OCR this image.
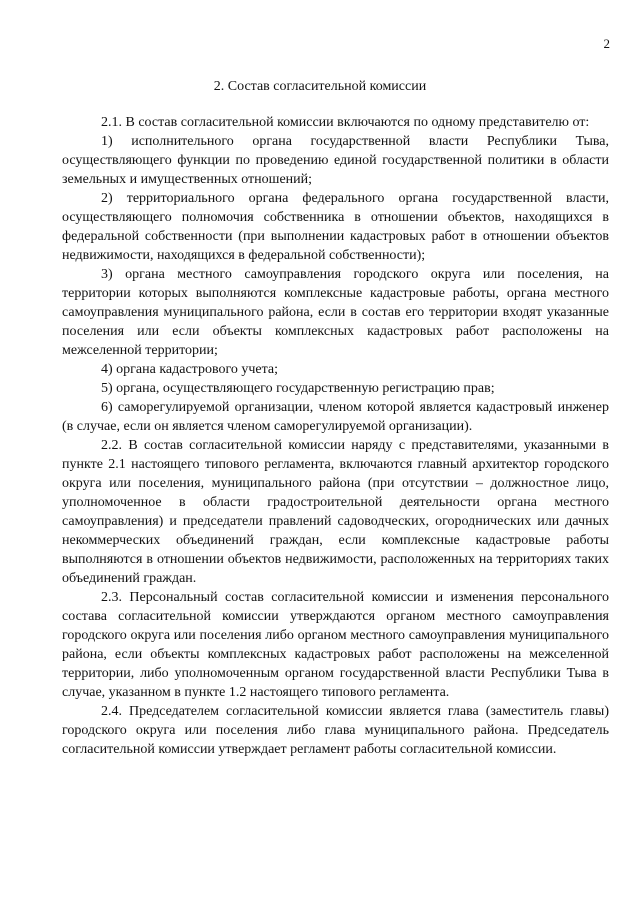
2
2. Состав согласительной комиссии

2.1. В состав согласительной комиссии включаются по одному представителю от:

1) исполнительного органа государственной власти Республики Тыва, осуществляющего функции по проведению единой государственной политики в области земельных и имущественных отношений;

2) территориального органа федерального органа государственной власти, осуществляющего полномочия собственника в отношении объектов, находящихся в федеральной собственности (при выполнении кадастровых работ в отношении объектов недвижимости, находящихся в федеральной собственности);

3) органа местного самоуправления городского округа или поселения, на территории которых выполняются комплексные кадастровые работы, органа местного самоуправления муниципального района, если в состав его территории входят указанные поселения или если объекты комплексных кадастровых работ расположены на межселенной территории;

4) органа кадастрового учета;

5) органа, осуществляющего государственную регистрацию прав;

6) саморегулируемой организации, членом которой является кадастровый инженер (в случае, если он является членом саморегулируемой организации).

2.2. В состав согласительной комиссии наряду с представителями, указанными в пункте 2.1 настоящего типового регламента, включаются главный архитектор городского округа или поселения, муниципального района (при отсутствии – должностное лицо, уполномоченное в области градостроительной деятельности органа местного самоуправления) и председатели правлений садоводческих, огороднических или дачных некоммерческих объединений граждан, если комплексные кадастровые работы выполняются в отношении объектов недвижимости, расположенных на территориях таких объединений граждан.

2.3. Персональный состав согласительной комиссии и изменения персонального состава согласительной комиссии утверждаются органом местного самоуправления городского округа или поселения либо органом местного самоуправления муниципального района, если объекты комплексных кадастровых работ расположены на межселенной территории, либо уполномоченным органом государственной власти Республики Тыва в случае, указанном в пункте 1.2 настоящего типового регламента.

2.4. Председателем согласительной комиссии является глава (заместитель главы) городского округа или поселения либо глава муниципального района. Председатель согласительной комиссии утверждает регламент работы согласительной комиссии.
